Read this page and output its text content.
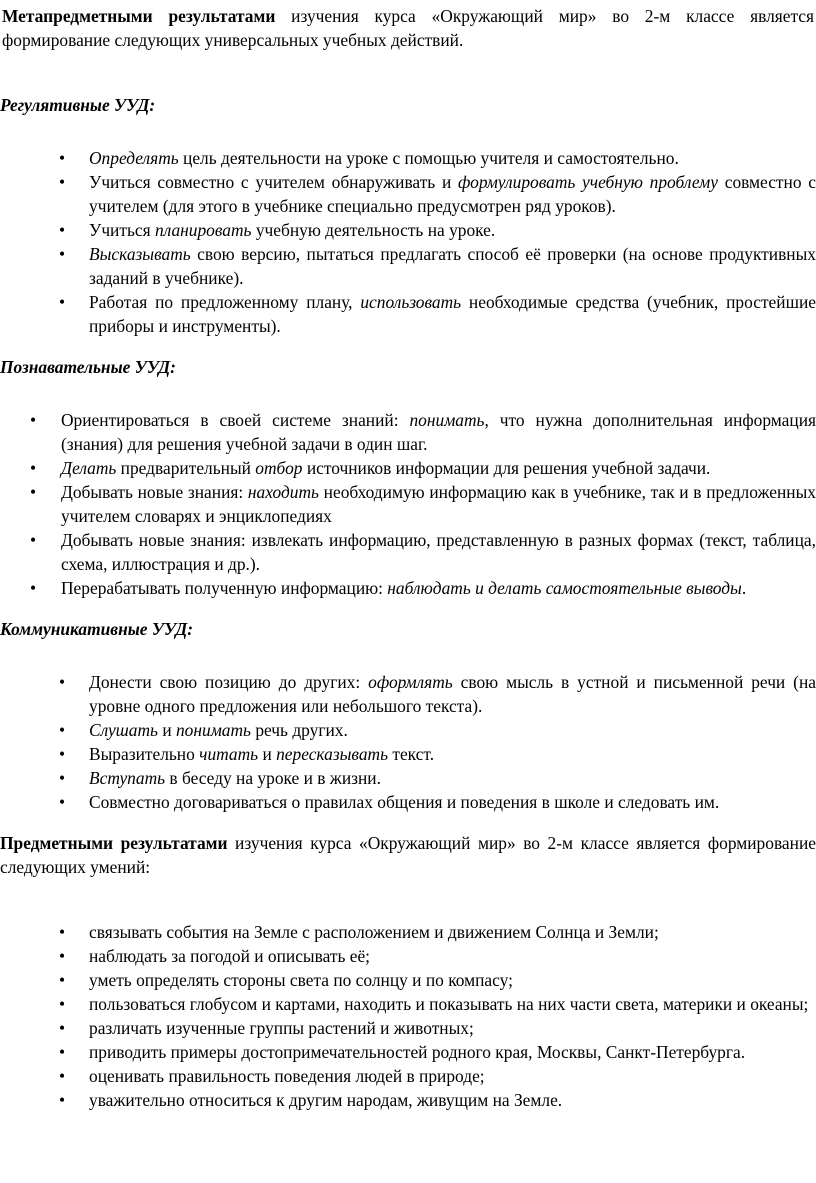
Метапредметными результатами изучения курса «Окружающий мир» во 2-м классе является формирование следующих универсальных учебных действий.

Регулятивные УУД:

• Определять цель деятельности на уроке с помощью учителя и самостоятельно.
• Учиться совместно с учителем обнаруживать и формулировать учебную проблему совместно с учителем (для этого в учебнике специально предусмотрен ряд уроков).
• Учиться планировать учебную деятельность на уроке.
• Высказывать свою версию, пытаться предлагать способ её проверки (на основе продуктивных заданий в учебнике).
• Работая по предложенному плану, использовать необходимые средства (учебник, простейшие приборы и инструменты).

Познавательные УУД:

• Ориентироваться в своей системе знаний: понимать, что нужна дополнительная информация (знания) для решения учебной задачи в один шаг.
• Делать предварительный отбор источников информации для решения учебной задачи.
• Добывать новые знания: находить необходимую информацию как в учебнике, так и в предложенных учителем словарях и энциклопедиях
• Добывать новые знания: извлекать информацию, представленную в разных формах (текст, таблица, схема, иллюстрация и др.).
• Перерабатывать полученную информацию: наблюдать и делать самостоятельные выводы.

Коммуникативные УУД:

• Донести свою позицию до других: оформлять свою мысль в устной и письменной речи (на уровне одного предложения или небольшого текста).
• Слушать и понимать речь других.
• Выразительно читать и пересказывать текст.
• Вступать в беседу на уроке и в жизни.
• Совместно договариваться о правилах общения и поведения в школе и следовать им.

Предметными результатами изучения курса «Окружающий мир» во 2-м классе является формирование следующих умений:

• связывать события на Земле с расположением и движением Солнца и Земли;
• наблюдать за погодой и описывать её;
• уметь определять стороны света по солнцу и по компасу;
• пользоваться глобусом и картами, находить и показывать на них части света, материки и океаны;
• различать изученные группы растений и животных;
• приводить примеры достопримечательностей родного края, Москвы, Санкт-Петербурга.
• оценивать правильность поведения людей в природе;
• уважительно относиться к другим народам, живущим на Земле.
